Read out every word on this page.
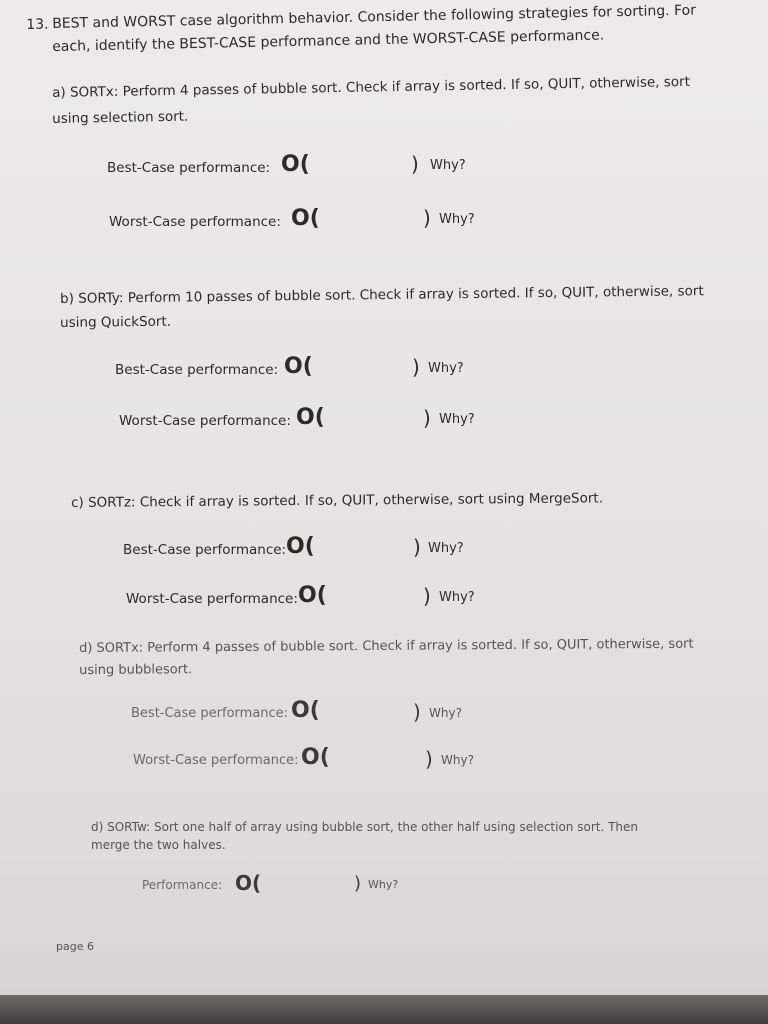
13. BEST and WORST case algorithm behavior. Consider the following strategies for sorting. For
each, identify the BEST-CASE performance and the WORST-CASE performance.
a) SORTx: Perform 4 passes of bubble sort. Check if array is sorted. If so, QUIT, otherwise, sort
using selection sort.
Best-Case performance: O(	) Why?
Worst-Case performance: O(	) Why?
b) SORTy: Perform 10 passes of bubble sort. Check if array is sorted. If so, QUIT, otherwise, sort
using QuickSort.
Best-Case performance: O(	) Why?
Worst-Case performance: O(	) Why?
c) SORTz: Check if array is sorted. If so, QUIT, otherwise, sort using MergeSort.
Best-Case performance: O(	) Why?
Worst-Case performance: O(	) Why?
d) SORTx: Perform 4 passes of bubble sort. Check if array is sorted. If so, QUIT, otherwise, sort
using bubblesort.
Best-Case performance: O(	) Why?
Worst-Case performance: O(	) Why?
d) SORTw: Sort one half of array using bubble sort, the other half using selection sort. Then
merge the two halves.
Performance: O(	) Why?
page 6
